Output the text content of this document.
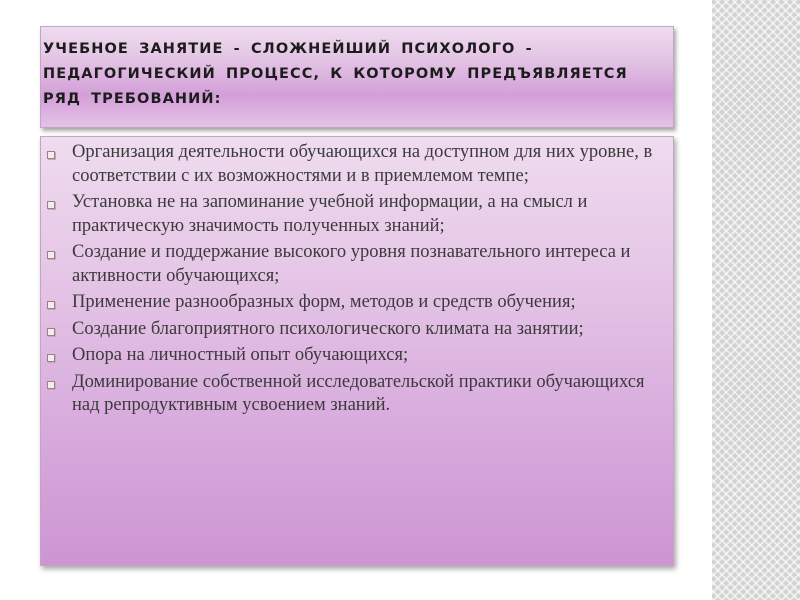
УЧЕБНОЕ ЗАНЯТИЕ - СЛОЖНЕЙШИЙ ПСИХОЛОГО - ПЕДАГОГИЧЕСКИЙ ПРОЦЕСС, К КОТОРОМУ ПРЕДЪЯВЛЯЕТСЯ РЯД ТРЕБОВАНИЙ:

Организация деятельности обучающихся на доступном для них уровне, в соответствии с их возможностями и в приемлемом темпе;
Установка не на запоминание учебной информации, а на смысл и практическую значимость полученных знаний;
Создание и поддержание высокого уровня познавательного интереса и активности обучающихся;
Применение разнообразных форм, методов и средств обучения;
Создание благоприятного психологического климата на занятии;
Опора на личностный опыт обучающихся;
Доминирование собственной исследовательской практики обучающихся над репродуктивным усвоением знаний.
